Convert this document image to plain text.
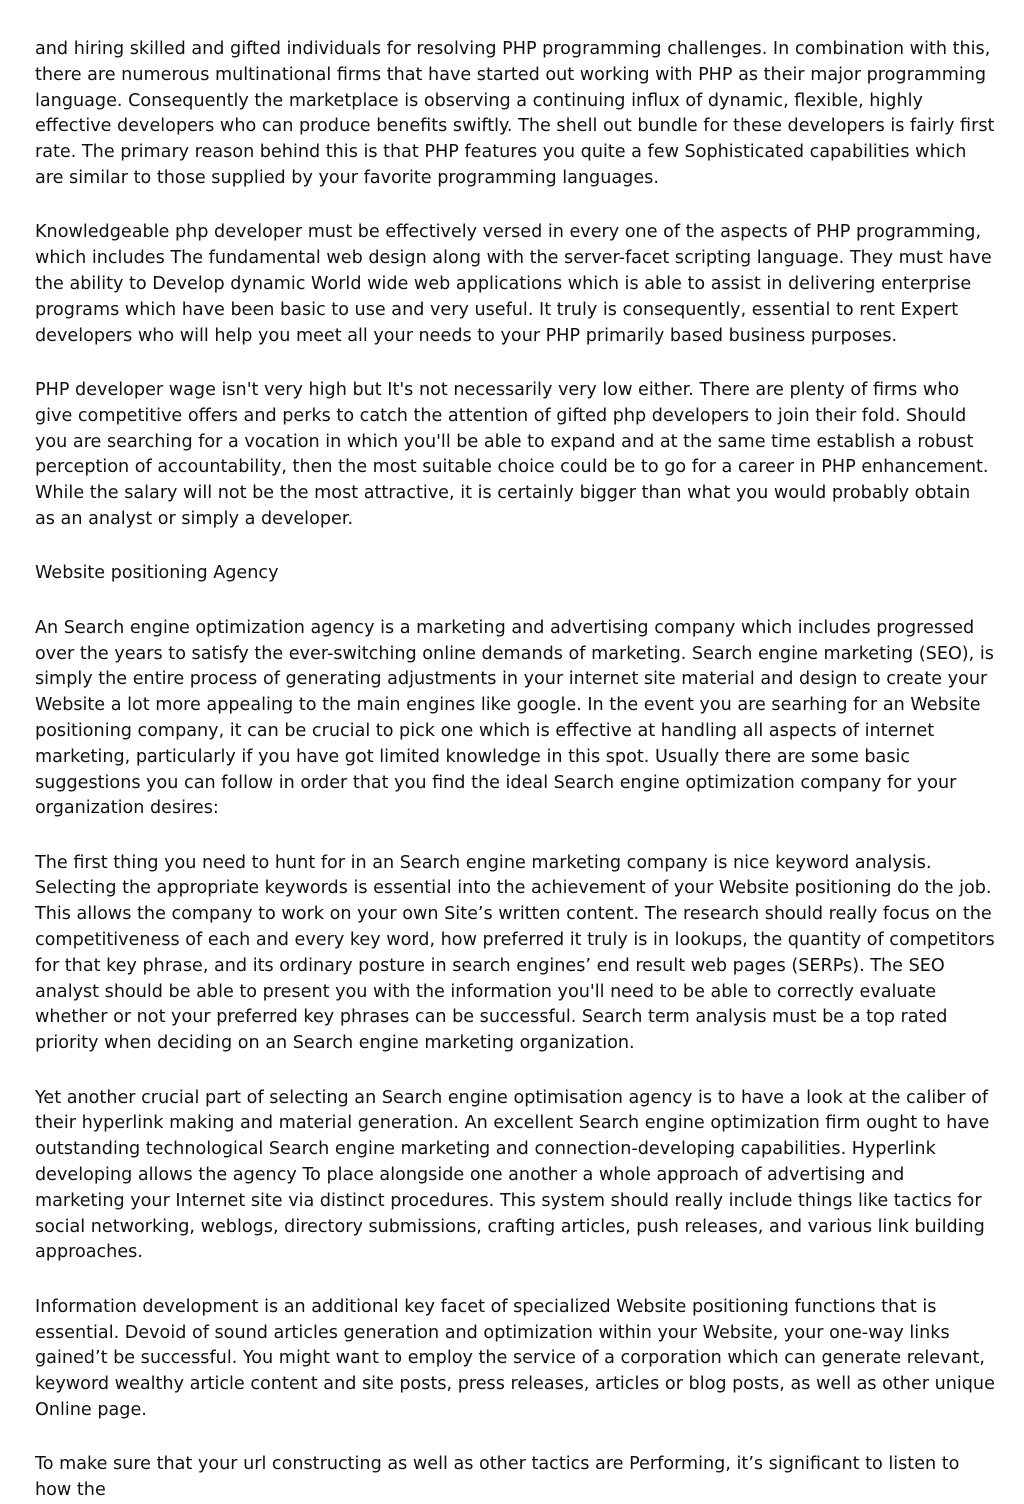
and hiring skilled and gifted individuals for resolving PHP programming challenges. In combination with this, there are numerous multinational firms that have started out working with PHP as their major programming language. Consequently the marketplace is observing a continuing influx of dynamic, flexible, highly effective developers who can produce benefits swiftly. The shell out bundle for these developers is fairly first rate. The primary reason behind this is that PHP features you quite a few Sophisticated capabilities which are similar to those supplied by your favorite programming languages.

Knowledgeable php developer must be effectively versed in every one of the aspects of PHP programming, which includes The fundamental web design along with the server-facet scripting language. They must have the ability to Develop dynamic World wide web applications which is able to assist in delivering enterprise programs which have been basic to use and very useful. It truly is consequently, essential to rent Expert developers who will help you meet all your needs to your PHP primarily based business purposes.

PHP developer wage isn't very high but It's not necessarily very low either. There are plenty of firms who give competitive offers and perks to catch the attention of gifted php developers to join their fold. Should you are searching for a vocation in which you'll be able to expand and at the same time establish a robust perception of accountability, then the most suitable choice could be to go for a career in PHP enhancement. While the salary will not be the most attractive, it is certainly bigger than what you would probably obtain as an analyst or simply a developer.

Website positioning Agency

An Search engine optimization agency is a marketing and advertising company which includes progressed over the years to satisfy the ever-switching online demands of marketing. Search engine marketing (SEO), is simply the entire process of generating adjustments in your internet site material and design to create your Website a lot more appealing to the main engines like google. In the event you are searhing for an Website positioning company, it can be crucial to pick one which is effective at handling all aspects of internet marketing, particularly if you have got limited knowledge in this spot. Usually there are some basic suggestions you can follow in order that you find the ideal Search engine optimization company for your organization desires:

The first thing you need to hunt for in an Search engine marketing company is nice keyword analysis. Selecting the appropriate keywords is essential into the achievement of your Website positioning do the job. This allows the company to work on your own Site’s written content. The research should really focus on the competitiveness of each and every key word, how preferred it truly is in lookups, the quantity of competitors for that key phrase, and its ordinary posture in search engines’ end result web pages (SERPs). The SEO analyst should be able to present you with the information you'll need to be able to correctly evaluate whether or not your preferred key phrases can be successful. Search term analysis must be a top rated priority when deciding on an Search engine marketing organization.

Yet another crucial part of selecting an Search engine optimisation agency is to have a look at the caliber of their hyperlink making and material generation. An excellent Search engine optimization firm ought to have outstanding technological Search engine marketing and connection-developing capabilities. Hyperlink developing allows the agency To place alongside one another a whole approach of advertising and marketing your Internet site via distinct procedures. This system should really include things like tactics for social networking, weblogs, directory submissions, crafting articles, push releases, and various link building approaches.

Information development is an additional key facet of specialized Website positioning functions that is essential. Devoid of sound articles generation and optimization within your Website, your one-way links gained’t be successful. You might want to employ the service of a corporation which can generate relevant, keyword wealthy article content and site posts, press releases, articles or blog posts, as well as other unique Online page.

To make sure that your url constructing as well as other tactics are Performing, it’s significant to listen to how the
